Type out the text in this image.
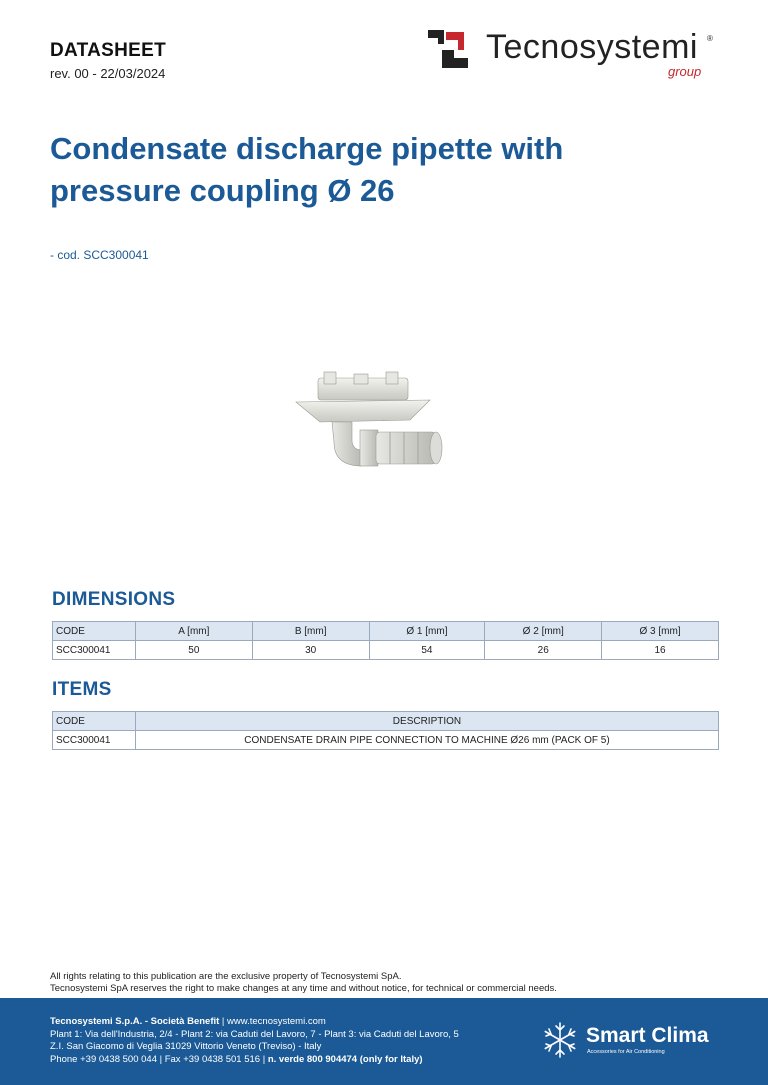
DATASHEET
rev. 00 - 22/03/2024
Tecnosystemi ®
group
Condensate discharge pipette with pressure coupling Ø 26
- cod. SCC300041
DIMENSIONS
CODE	A [mm]	B [mm]	Ø 1 [mm]	Ø 2 [mm]	Ø 3 [mm]
SCC300041	50	30	54	26	16
ITEMS
CODE	DESCRIPTION
SCC300041	CONDENSATE DRAIN PIPE CONNECTION TO MACHINE Ø26 mm (PACK OF 5)
All rights relating to this publication are the exclusive property of Tecnosystemi SpA.
Tecnosystemi SpA reserves the right to make changes at any time and without notice, for technical or commercial needs.
Tecnosystemi S.p.A. - Società Benefit | www.tecnosystemi.com
Plant 1: Via dell'Industria, 2/4 - Plant 2: via Caduti del Lavoro, 7 - Plant 3: via Caduti del Lavoro, 5
Z.I. San Giacomo di Veglia 31029 Vittorio Veneto (Treviso) - Italy
Phone +39 0438 500 044 | Fax +39 0438 501 516 | n. verde 800 904474 (only for Italy)
Smart Clima
Accessories for Air Conditioning
